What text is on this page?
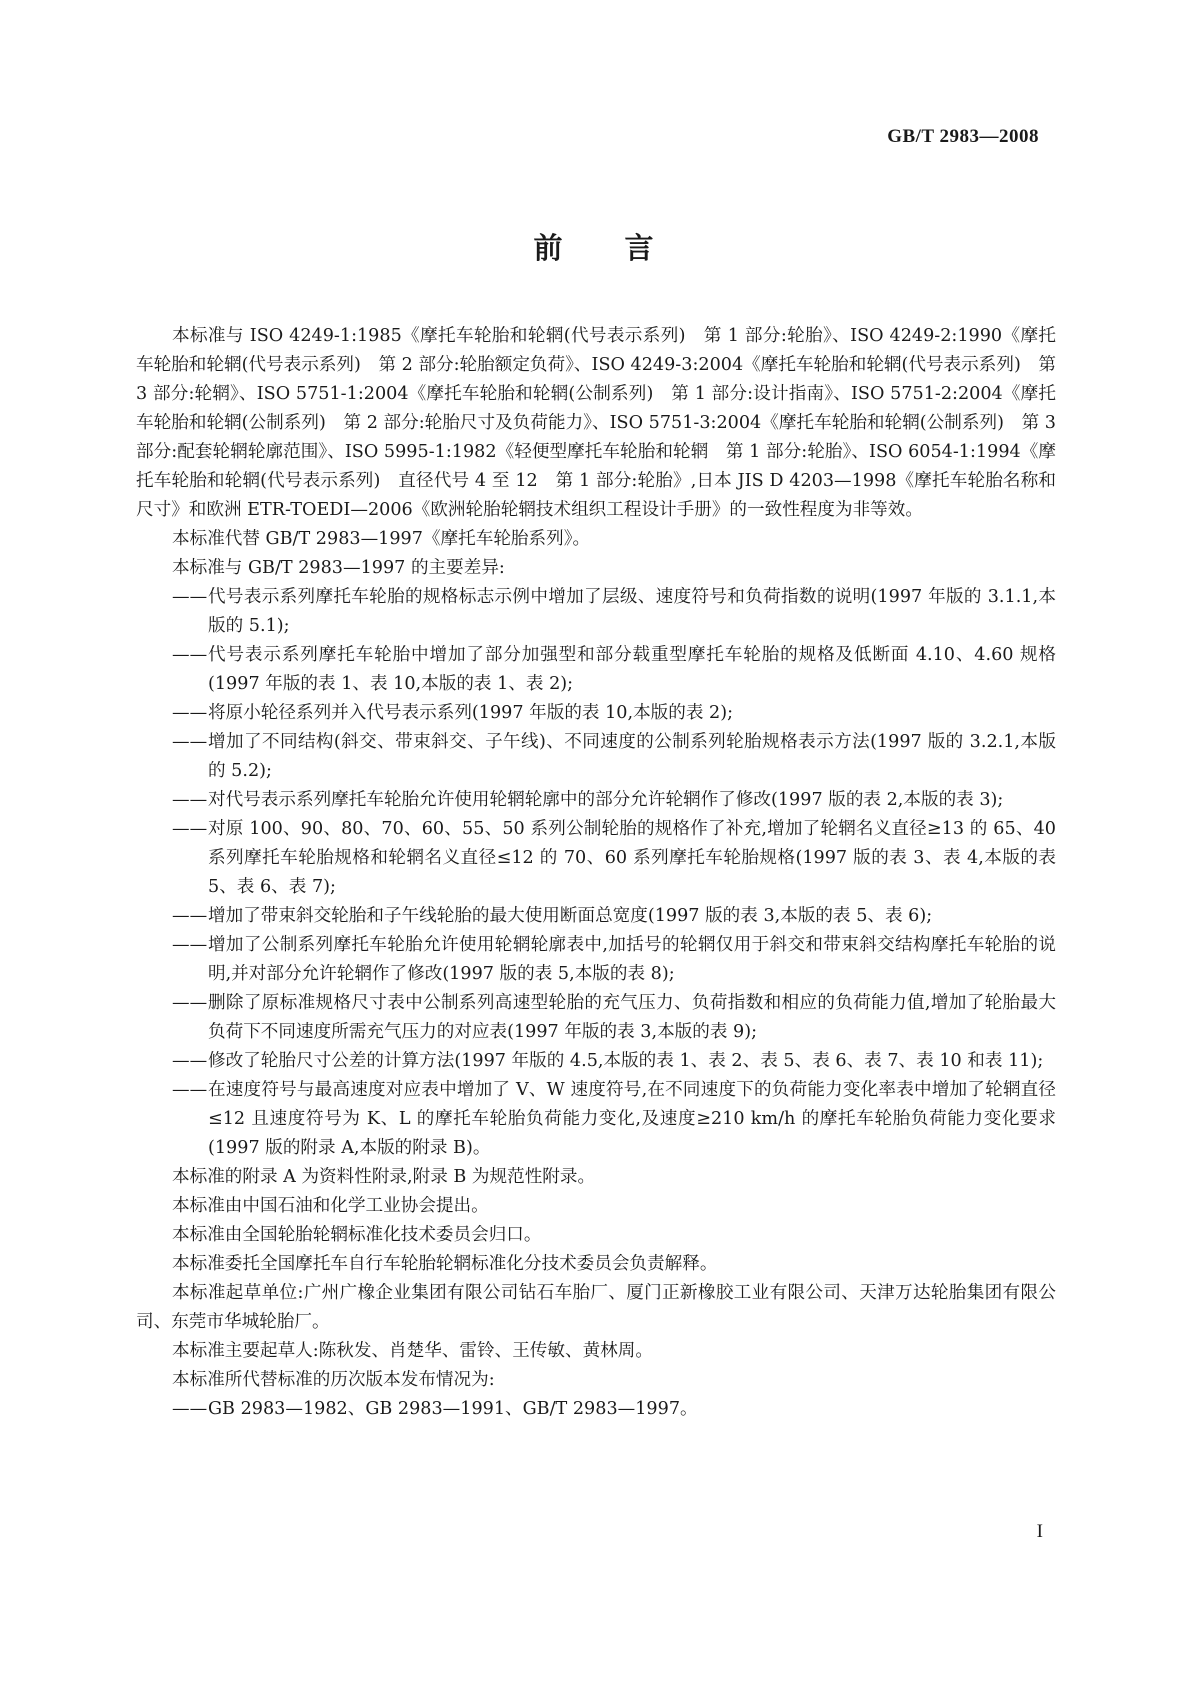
GB/T 2983—2008
前 言

本标准与 ISO 4249-1:1985《摩托车轮胎和轮辋(代号表示系列)　第 1 部分:轮胎》、ISO 4249-2:1990《摩托车轮胎和轮辋(代号表示系列)　第 2 部分:轮胎额定负荷》、ISO 4249-3:2004《摩托车轮胎和轮辋(代号表示系列)　第 3 部分:轮辋》、ISO 5751-1:2004《摩托车轮胎和轮辋(公制系列)　第 1 部分:设计指南》、ISO 5751-2:2004《摩托车轮胎和轮辋(公制系列)　第 2 部分:轮胎尺寸及负荷能力》、ISO 5751-3:2004《摩托车轮胎和轮辋(公制系列)　第 3 部分:配套轮辋轮廓范围》、ISO 5995-1:1982《轻便型摩托车轮胎和轮辋　第 1 部分:轮胎》、ISO 6054-1:1994《摩托车轮胎和轮辋(代号表示系列)　直径代号 4 至 12　第 1 部分:轮胎》,日本 JIS D 4203—1998《摩托车轮胎名称和尺寸》和欧洲 ETR-TOEDI—2006《欧洲轮胎轮辋技术组织工程设计手册》的一致性程度为非等效。

本标准代替 GB/T 2983—1997《摩托车轮胎系列》。

本标准与 GB/T 2983—1997 的主要差异:

—— 代号表示系列摩托车轮胎的规格标志示例中增加了层级、速度符号和负荷指数的说明(1997 年版的 3.1.1,本版的 5.1);
—— 代号表示系列摩托车轮胎中增加了部分加强型和部分载重型摩托车轮胎的规格及低断面 4.10、4.60 规格(1997 年版的表 1、表 10,本版的表 1、表 2);
—— 将原小轮径系列并入代号表示系列(1997 年版的表 10,本版的表 2);
—— 增加了不同结构(斜交、带束斜交、子午线)、不同速度的公制系列轮胎规格表示方法(1997 版的 3.2.1,本版的 5.2);
—— 对代号表示系列摩托车轮胎允许使用轮辋轮廓中的部分允许轮辋作了修改(1997 版的表 2,本版的表 3);
—— 对原 100、90、80、70、60、55、50 系列公制轮胎的规格作了补充,增加了轮辋名义直径≥13 的 65、40 系列摩托车轮胎规格和轮辋名义直径≤12 的 70、60 系列摩托车轮胎规格(1997 版的表 3、表 4,本版的表 5、表 6、表 7);
—— 增加了带束斜交轮胎和子午线轮胎的最大使用断面总宽度(1997 版的表 3,本版的表 5、表 6);
—— 增加了公制系列摩托车轮胎允许使用轮辋轮廓表中,加括号的轮辋仅用于斜交和带束斜交结构摩托车轮胎的说明,并对部分允许轮辋作了修改(1997 版的表 5,本版的表 8);
—— 删除了原标准规格尺寸表中公制系列高速型轮胎的充气压力、负荷指数和相应的负荷能力值,增加了轮胎最大负荷下不同速度所需充气压力的对应表(1997 年版的表 3,本版的表 9);
—— 修改了轮胎尺寸公差的计算方法(1997 年版的 4.5,本版的表 1、表 2、表 5、表 6、表 7、表 10 和表 11);
—— 在速度符号与最高速度对应表中增加了 V、W 速度符号,在不同速度下的负荷能力变化率表中增加了轮辋直径≤12 且速度符号为 K、L 的摩托车轮胎负荷能力变化,及速度≥210 km/h 的摩托车轮胎负荷能力变化要求(1997 版的附录 A,本版的附录 B)。

本标准的附录 A 为资料性附录,附录 B 为规范性附录。

本标准由中国石油和化学工业协会提出。

本标准由全国轮胎轮辋标准化技术委员会归口。

本标准委托全国摩托车自行车轮胎轮辋标准化分技术委员会负责解释。

本标准起草单位:广州广橡企业集团有限公司钻石车胎厂、厦门正新橡胶工业有限公司、天津万达轮胎集团有限公司、东莞市华城轮胎厂。

本标准主要起草人:陈秋发、肖楚华、雷铃、王传敏、黄林周。

本标准所代替标准的历次版本发布情况为:

—— GB 2983—1982、GB 2983—1991、GB/T 2983—1997。
I
